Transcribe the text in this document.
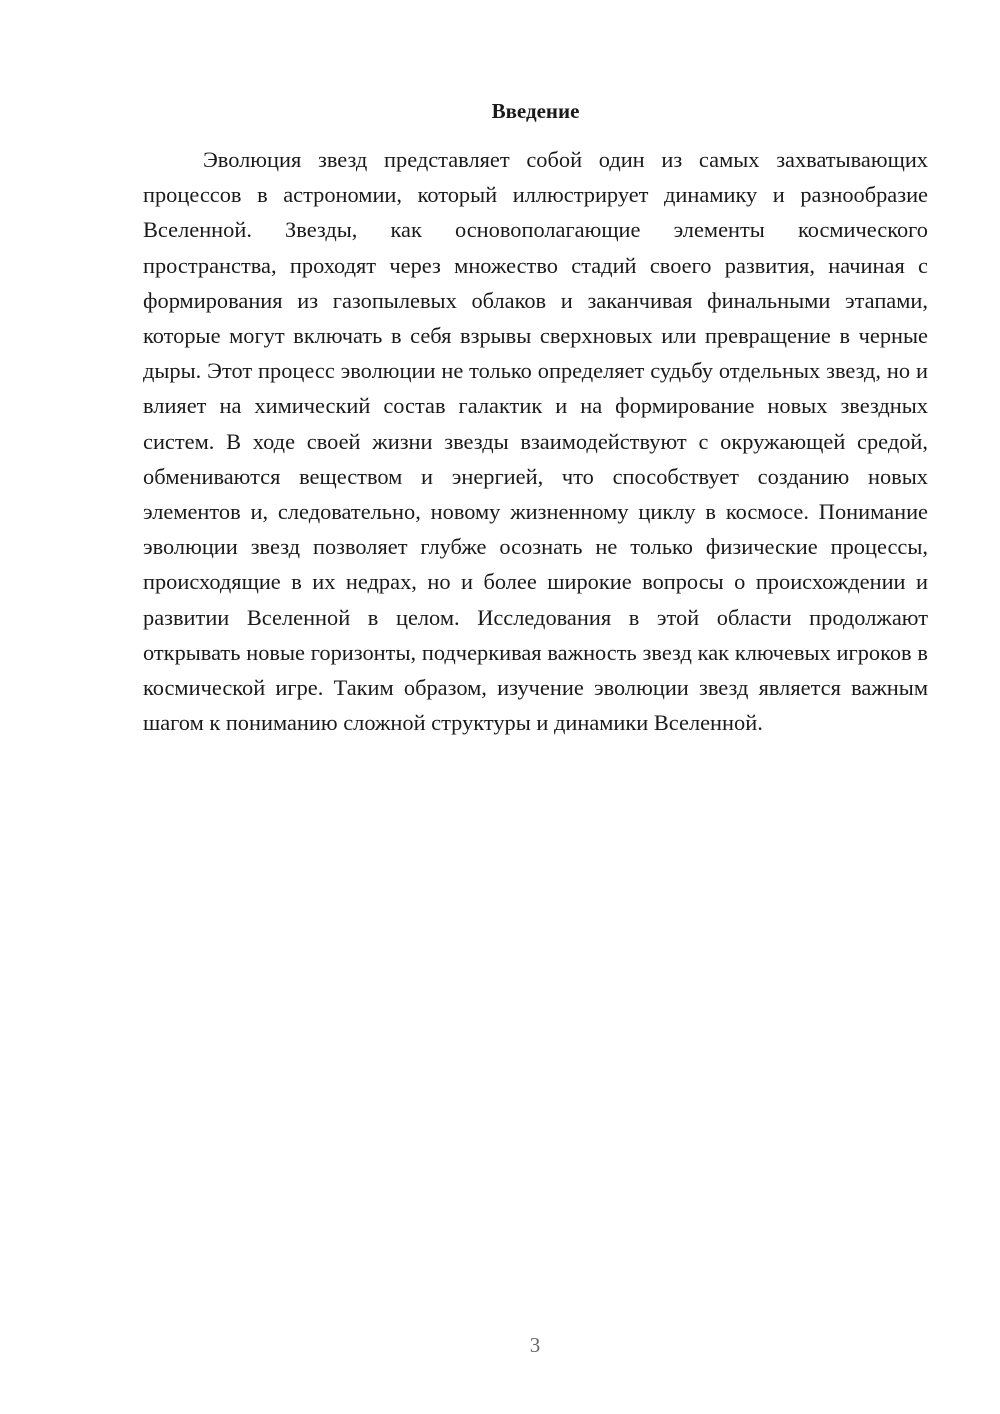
Введение

Эволюция звезд представляет собой один из самых захватывающих процессов в астрономии, который иллюстрирует динамику и разнообразие Вселенной. Звезды, как основополагающие элементы космического пространства, проходят через множество стадий своего развития, начиная с формирования из газопылевых облаков и заканчивая финальными этапами, которые могут включать в себя взрывы сверхновых или превращение в черные дыры. Этот процесс эволюции не только определяет судьбу отдельных звезд, но и влияет на химический состав галактик и на формирование новых звездных систем. В ходе своей жизни звезды взаимодействуют с окружающей средой, обмениваются веществом и энергией, что способствует созданию новых элементов и, следовательно, новому жизненному циклу в космосе. Понимание эволюции звезд позволяет глубже осознать не только физические процессы, происходящие в их недрах, но и более широкие вопросы о происхождении и развитии Вселенной в целом. Исследования в этой области продолжают открывать новые горизонты, подчеркивая важность звезд как ключевых игроков в космической игре. Таким образом, изучение эволюции звезд является важным шагом к пониманию сложной структуры и динамики Вселенной.

3
